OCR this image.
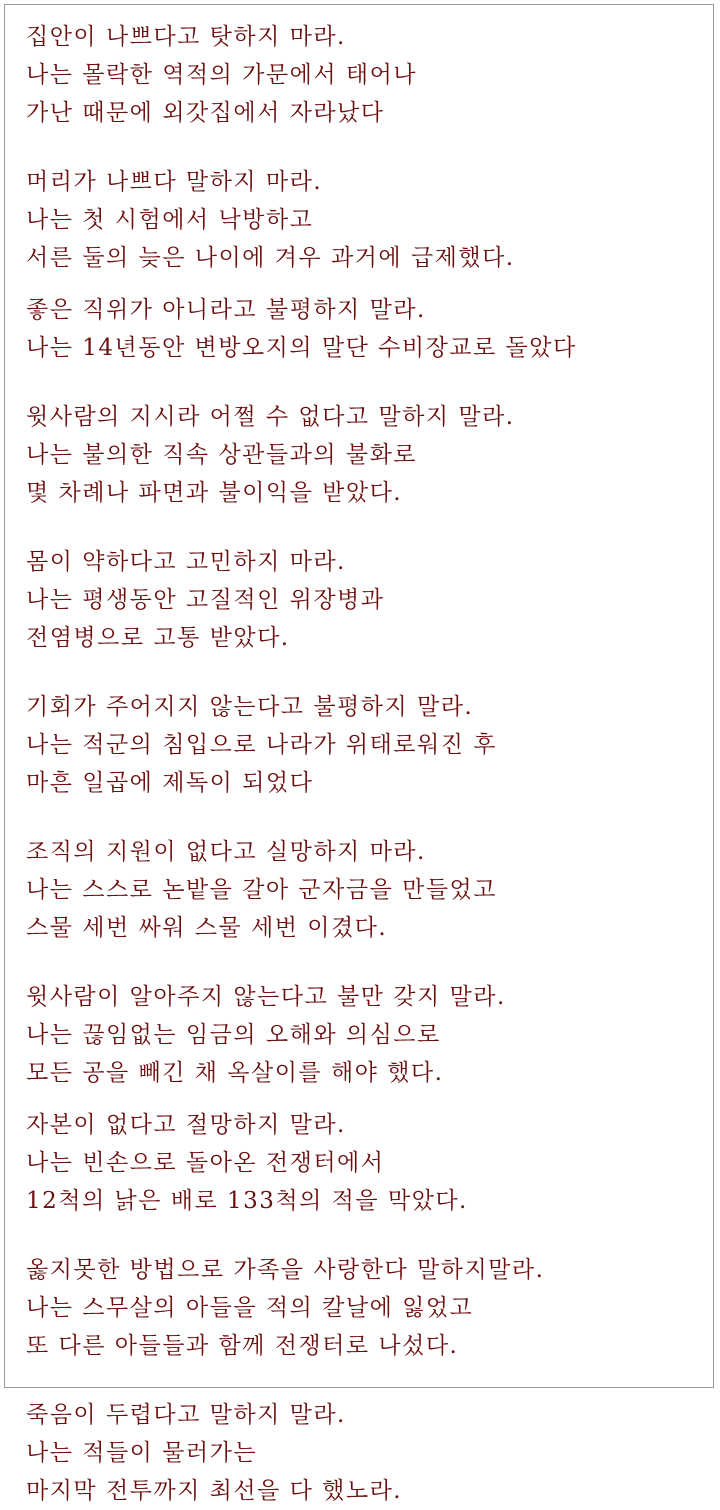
집안이 나쁘다고 탓하지 마라.
나는 몰락한 역적의 가문에서 태어나
가난 때문에 외갓집에서 자라났다
머리가 나쁘다 말하지 마라.
나는 첫 시험에서 낙방하고
서른 둘의 늦은 나이에 겨우 과거에 급제했다.
좋은 직위가 아니라고 불평하지 말라.
나는 14년동안 변방오지의 말단 수비장교로 돌았다
윗사람의 지시라 어쩔 수 없다고 말하지 말라.
나는 불의한 직속 상관들과의 불화로
몇 차례나 파면과 불이익을 받았다.
몸이 약하다고 고민하지 마라.
나는 평생동안 고질적인 위장병과
전염병으로 고통 받았다.
기회가 주어지지 않는다고 불평하지 말라.
나는 적군의 침입으로 나라가 위태로워진 후
마흔 일곱에 제독이 되었다
조직의 지원이 없다고 실망하지 마라.
나는 스스로 논밭을 갈아 군자금을 만들었고
스물 세번 싸워 스물 세번 이겼다.
윗사람이 알아주지 않는다고 불만 갖지 말라.
나는 끊임없는 임금의 오해와 의심으로
모든 공을 빼긴 채 옥살이를 해야 했다.
자본이 없다고 절망하지 말라.
나는 빈손으로 돌아온 전쟁터에서
12척의 낡은 배로 133척의 적을 막았다.
옳지못한 방법으로 가족을 사랑한다 말하지말라.
나는 스무살의 아들을 적의 칼날에 잃었고
또 다른 아들들과 함께 전쟁터로 나섰다.
죽음이 두렵다고 말하지 말라.
나는 적들이 물러가는
마지막 전투까지 최선을 다 했노라.
